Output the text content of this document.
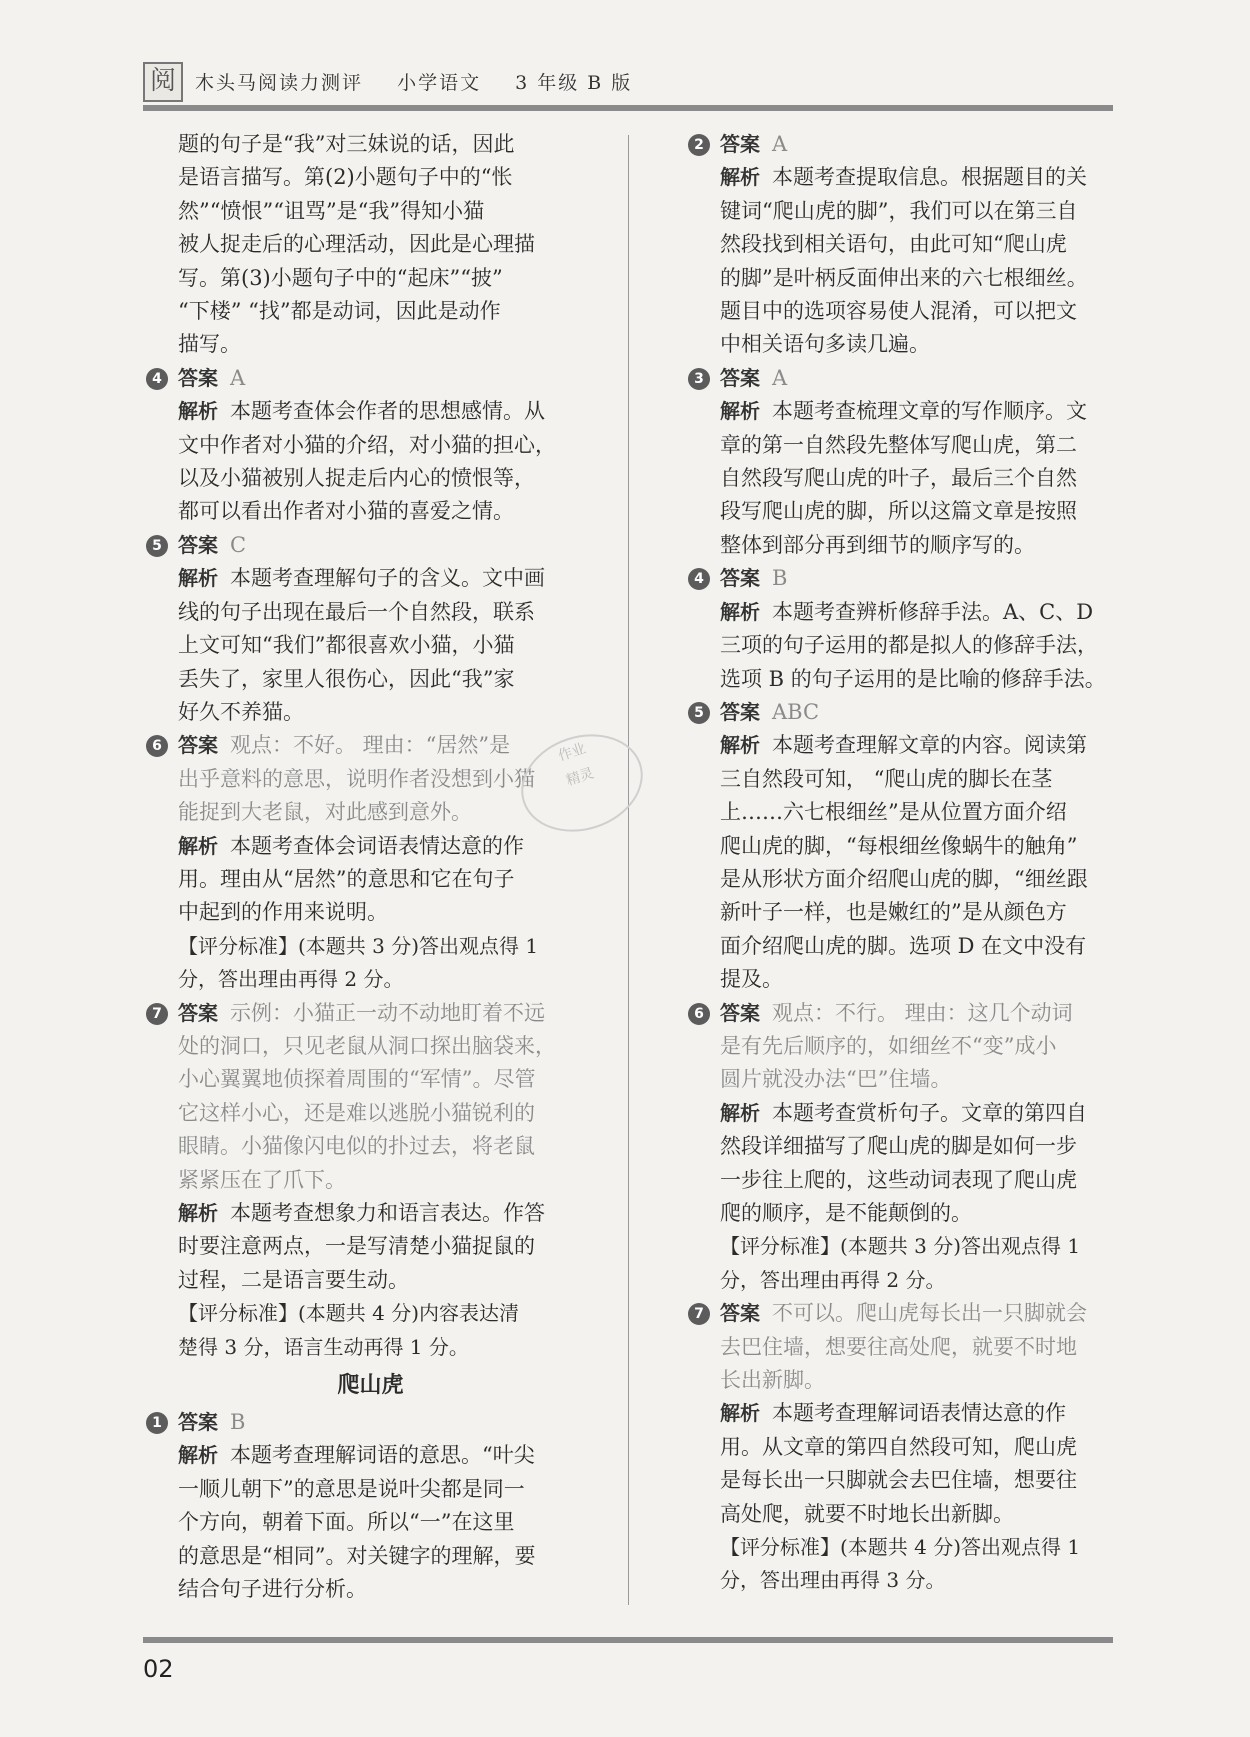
阅	木头马阅读力测评 小学语文 3 年级 B 版

题的句子是“我”对三妹说的话，因此

是语言描写。第(2)小题句子中的“怅

然”“愤恨”“诅骂”是“我”得知小猫

被人捉走后的心理活动，因此是心理描

写。第(3)小题句子中的“起床”“披”

“下楼” “找”都是动词，因此是动作

描写。

4 答案 A

解析 本题考查体会作者的思想感情。从

文中作者对小猫的介绍，对小猫的担心，

以及小猫被别人捉走后内心的愤恨等，

都可以看出作者对小猫的喜爱之情。

5 答案 C

解析 本题考查理解句子的含义。文中画

线的句子出现在最后一个自然段，联系

上文可知“我们”都很喜欢小猫，小猫

丢失了，家里人很伤心，因此“我”家

好久不养猫。

6 答案 观点：不好。 理由：“居然”是

出乎意料的意思，说明作者没想到小猫

能捉到大老鼠，对此感到意外。

解析 本题考查体会词语表情达意的作

用。理由从“居然”的意思和它在句子

中起到的作用来说明。

【评分标准】(本题共 3 分)答出观点得 1

分，答出理由再得 2 分。

7 答案 示例：小猫正一动不动地盯着不远

处的洞口，只见老鼠从洞口探出脑袋来，

小心翼翼地侦探着周围的“军情”。尽管

它这样小心，还是难以逃脱小猫锐利的

眼睛。小猫像闪电似的扑过去，将老鼠

紧紧压在了爪下。

解析 本题考查想象力和语言表达。作答

时要注意两点，一是写清楚小猫捉鼠的

过程，二是语言要生动。

【评分标准】(本题共 4 分)内容表达清

楚得 3 分，语言生动再得 1 分。

爬山虎

1 答案 B

解析 本题考查理解词语的意思。“叶尖

一顺儿朝下”的意思是说叶尖都是同一

个方向，朝着下面。所以“一”在这里

的意思是“相同”。对关键字的理解，要

结合句子进行分析。

2 答案 A

解析 本题考查提取信息。根据题目的关

键词“爬山虎的脚”，我们可以在第三自

然段找到相关语句，由此可知“爬山虎

的脚”是叶柄反面伸出来的六七根细丝。

题目中的选项容易使人混淆，可以把文

中相关语句多读几遍。

3 答案 A

解析 本题考查梳理文章的写作顺序。文

章的第一自然段先整体写爬山虎，第二

自然段写爬山虎的叶子，最后三个自然

段写爬山虎的脚，所以这篇文章是按照

整体到部分再到细节的顺序写的。

4 答案 B

解析 本题考查辨析修辞手法。A、C、D

三项的句子运用的都是拟人的修辞手法，

选项 B 的句子运用的是比喻的修辞手法。

5 答案 ABC

解析 本题考查理解文章的内容。阅读第

三自然段可知， “爬山虎的脚长在茎

上……六七根细丝”是从位置方面介绍

爬山虎的脚，“每根细丝像蜗牛的触角”

是从形状方面介绍爬山虎的脚，“细丝跟

新叶子一样，也是嫩红的”是从颜色方

面介绍爬山虎的脚。选项 D 在文中没有

提及。

6 答案 观点：不行。 理由：这几个动词

是有先后顺序的，如细丝不“变”成小

圆片就没办法“巴”住墙。

解析 本题考查赏析句子。文章的第四自

然段详细描写了爬山虎的脚是如何一步

一步往上爬的，这些动词表现了爬山虎

爬的顺序，是不能颠倒的。

【评分标准】(本题共 3 分)答出观点得 1

分，答出理由再得 2 分。

7 答案 不可以。爬山虎每长出一只脚就会

去巴住墙，想要往高处爬，就要不时地

长出新脚。

解析 本题考查理解词语表情达意的作

用。从文章的第四自然段可知，爬山虎

是每长出一只脚就会去巴住墙，想要往

高处爬，就要不时地长出新脚。

【评分标准】(本题共 4 分)答出观点得 1

分，答出理由再得 3 分。

作业
精灵
02
